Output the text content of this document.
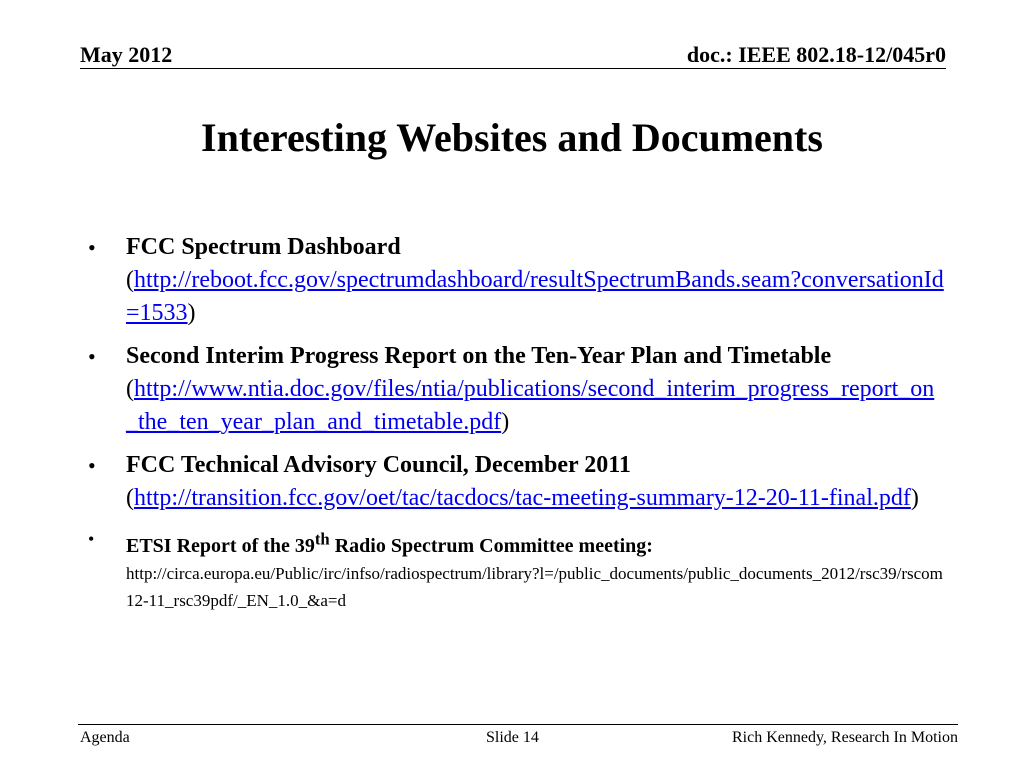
May 2012	doc.: IEEE 802.18-12/045r0
Interesting Websites and Documents
• FCC Spectrum Dashboard
(http://reboot.fcc.gov/spectrumdashboard/resultSpectrumBands.seam?conversationId=1533)
• Second Interim Progress Report on the Ten-Year Plan and Timetable
(http://www.ntia.doc.gov/files/ntia/publications/second_interim_progress_report_on_the_ten_year_plan_and_timetable.pdf)
• FCC Technical Advisory Council, December 2011
(http://transition.fcc.gov/oet/tac/tacdocs/tac-meeting-summary-12-20-11-final.pdf)
• ETSI Report of the 39th Radio Spectrum Committee meeting:
http://circa.europa.eu/Public/irc/infso/radiospectrum/library?l=/public_documents/public_documents_2012/rsc39/rscom12-11_rsc39pdf/_EN_1.0_&a=d
Agenda	Slide 14	Rich Kennedy, Research In Motion
